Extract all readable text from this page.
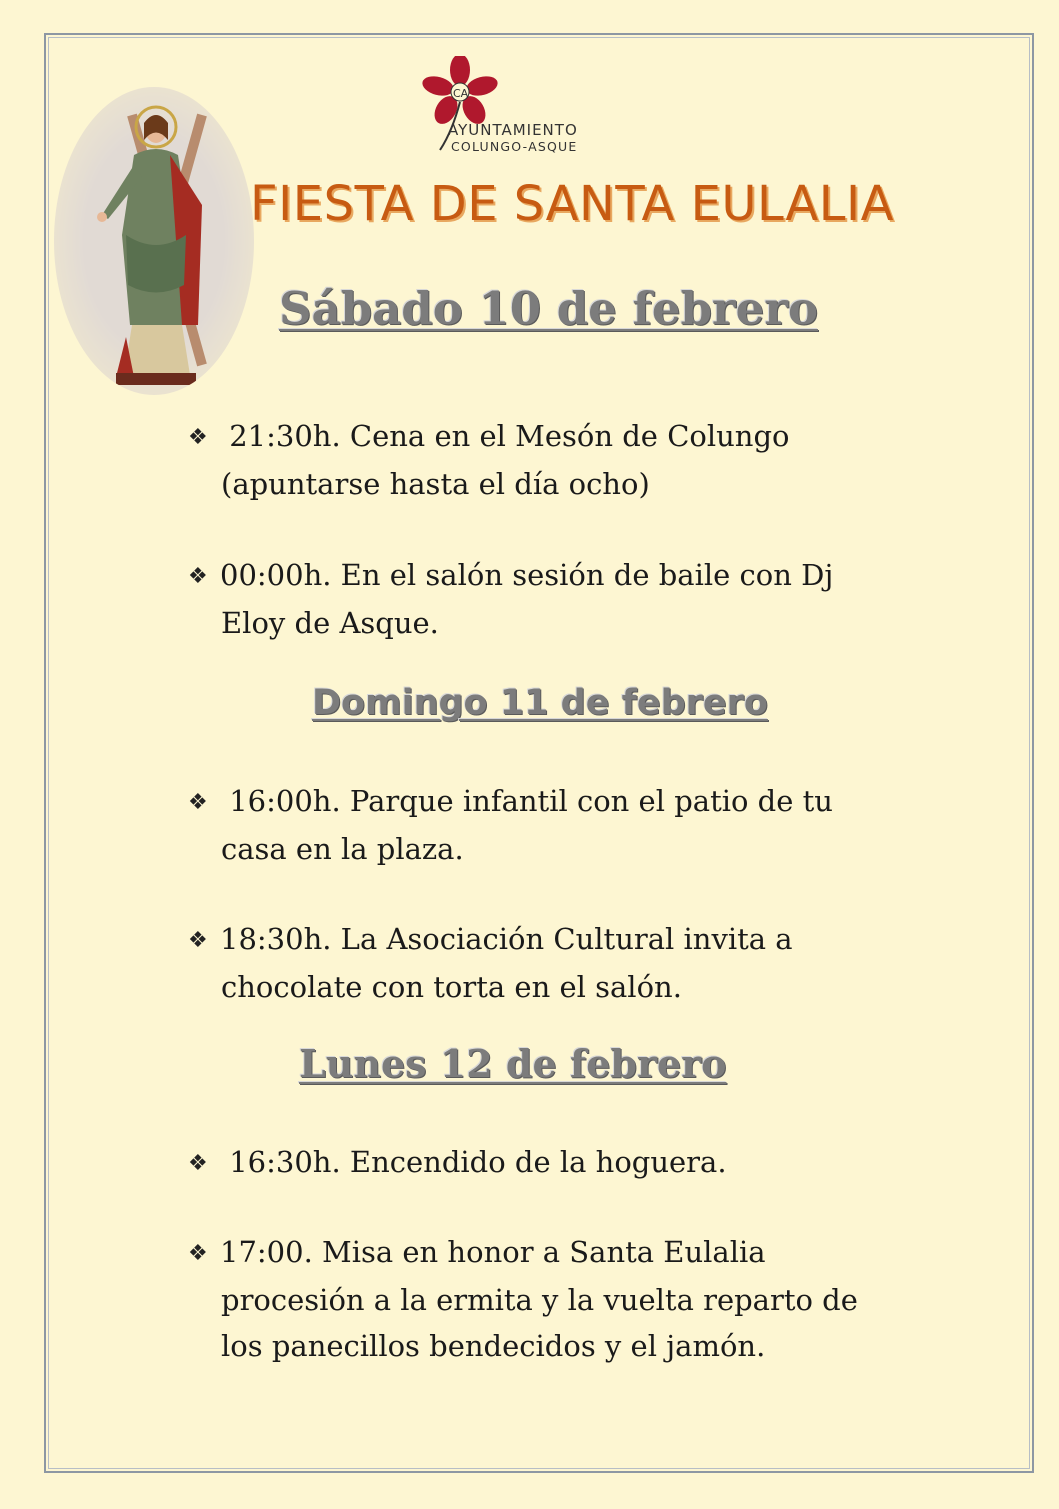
CA
AYUNTAMIENTO
COLUNGO-ASQUE
FIESTA DE SANTA EULALIA
Sábado 10 de febrero
❖ 21:30h. Cena en el Mesón de Colungo
(apuntarse hasta el día ocho)
❖ 00:00h. En el salón sesión de baile con Dj
Eloy de Asque.
Domingo 11 de febrero
❖ 16:00h. Parque infantil con el patio de tu
casa en la plaza.
❖ 18:30h. La Asociación Cultural invita a
chocolate con torta en el salón.
Lunes 12 de febrero
❖ 16:30h. Encendido de la hoguera.
❖ 17:00. Misa en honor a Santa Eulalia
procesión a la ermita y la vuelta reparto de
los panecillos bendecidos y el jamón.
